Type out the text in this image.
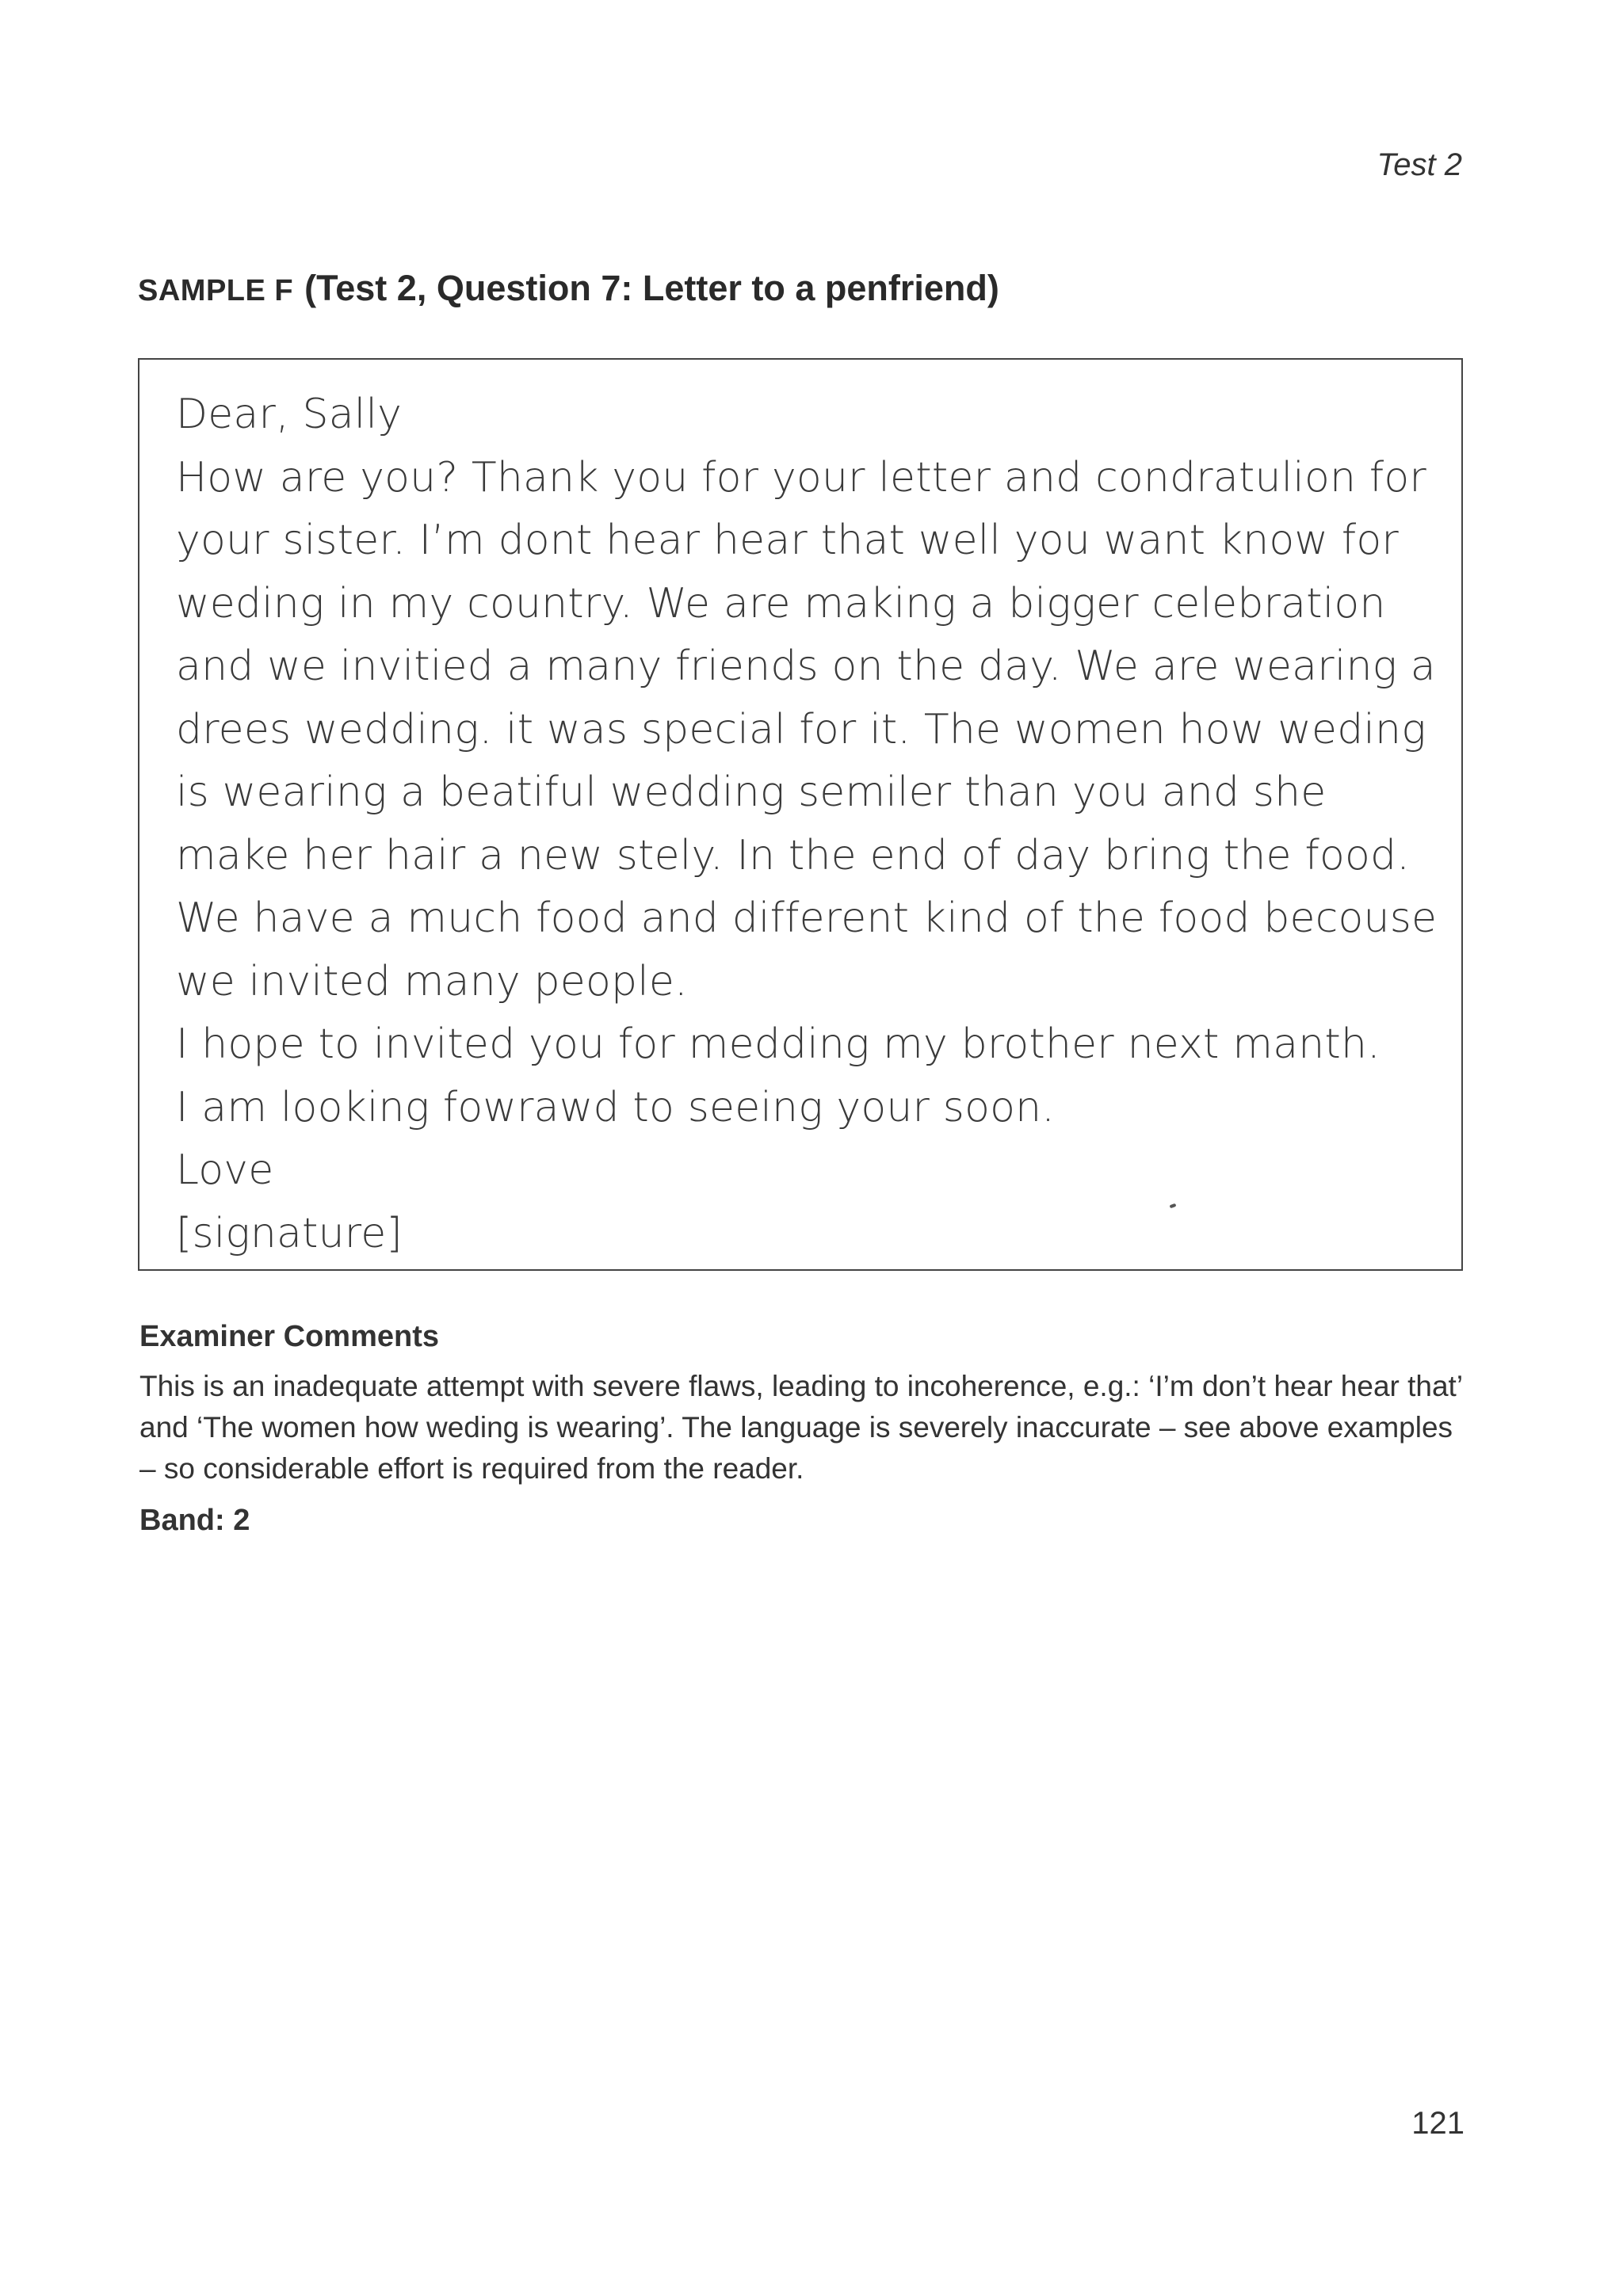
Test 2

SAMPLE F (Test 2, Question 7: Letter to a penfriend)

Dear, Sally

How are you? Thank you for your letter and condratulion for

your sister. I’m dont hear hear that well you want know for

weding in my country. We are making a bigger celebration

and we invitied a many friends on the day. We are wearing a

drees wedding. it was special for it. The women how weding

is wearing a beatiful wedding semiler than you and she

make her hair a new stely. In the end of day bring the food.

We have a much food and different kind of the food becouse

we invited many people.

I hope to invited you for medding my brother next manth.

I am looking fowrawd to seeing your soon.

Love

[signature]

Examiner Comments

This is an inadequate attempt with severe flaws, leading to incoherence, e.g.: ‘I’m don’t hear hear that’ and ‘The women how weding is wearing’. The language is severely inaccurate – see above examples – so considerable effort is required from the reader.

Band: 2

121
